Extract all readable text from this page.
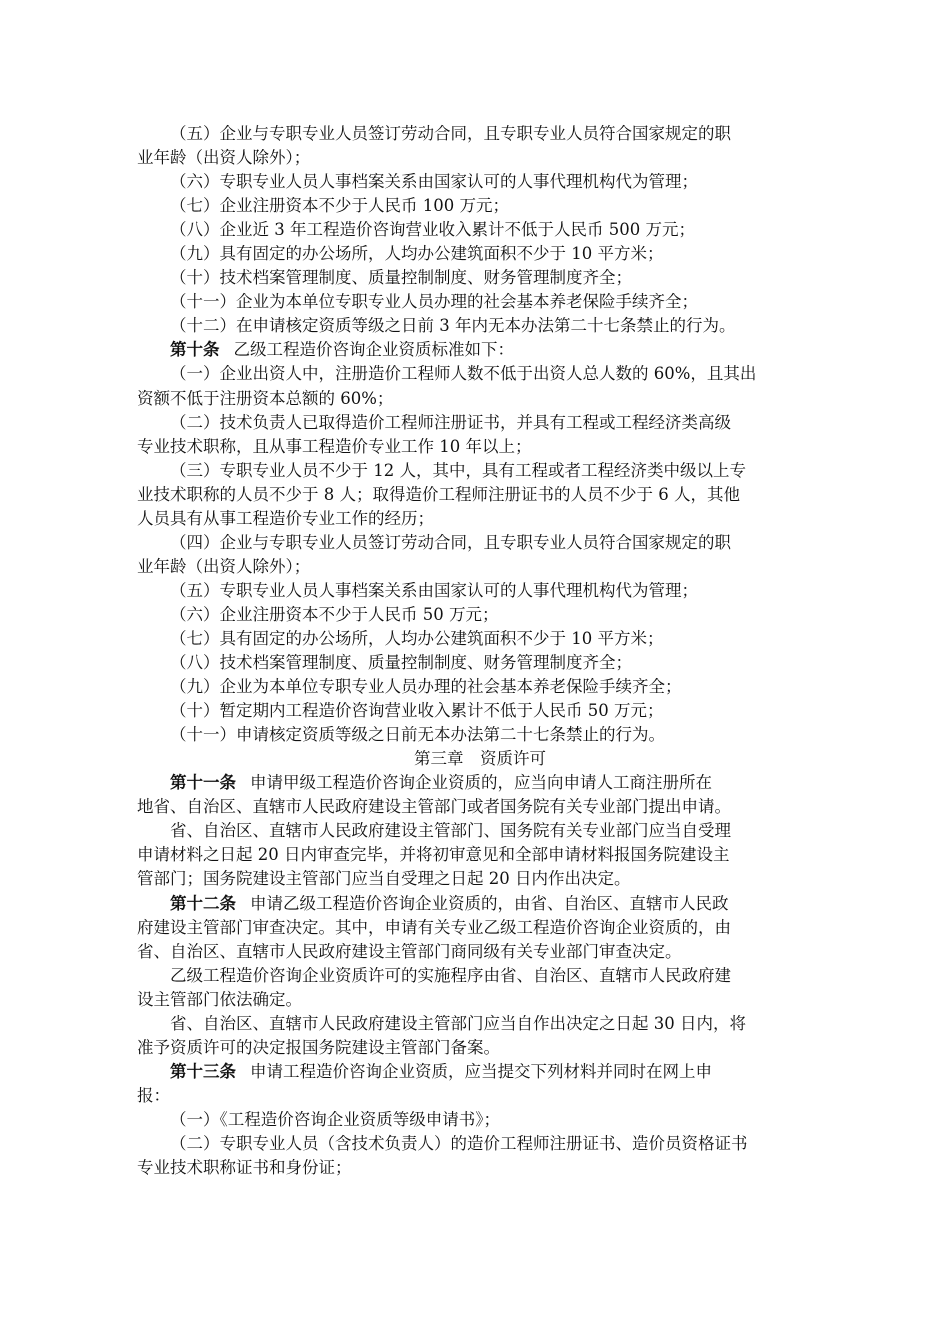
（五）企业与专职专业人员签订劳动合同，且专职专业人员符合国家规定的职
业年龄（出资人除外）；
（六）专职专业人员人事档案关系由国家认可的人事代理机构代为管理；
（七）企业注册资本不少于人民币 100 万元；
（八）企业近 3 年工程造价咨询营业收入累计不低于人民币 500 万元；
（九）具有固定的办公场所，人均办公建筑面积不少于 10 平方米；
（十）技术档案管理制度、质量控制制度、财务管理制度齐全；
（十一）企业为本单位专职专业人员办理的社会基本养老保险手续齐全；
（十二）在申请核定资质等级之日前 3 年内无本办法第二十七条禁止的行为。
第十条 乙级工程造价咨询企业资质标准如下：
（一）企业出资人中，注册造价工程师人数不低于出资人总人数的 60%，且其出
资额不低于注册资本总额的 60%；
（二）技术负责人已取得造价工程师注册证书，并具有工程或工程经济类高级
专业技术职称，且从事工程造价专业工作 10 年以上；
（三）专职专业人员不少于 12 人，其中，具有工程或者工程经济类中级以上专
业技术职称的人员不少于 8 人；取得造价工程师注册证书的人员不少于 6 人，其他
人员具有从事工程造价专业工作的经历；
（四）企业与专职专业人员签订劳动合同，且专职专业人员符合国家规定的职
业年龄（出资人除外）；
（五）专职专业人员人事档案关系由国家认可的人事代理机构代为管理；
（六）企业注册资本不少于人民币 50 万元；
（七）具有固定的办公场所，人均办公建筑面积不少于 10 平方米；
（八）技术档案管理制度、质量控制制度、财务管理制度齐全；
（九）企业为本单位专职专业人员办理的社会基本养老保险手续齐全；
（十）暂定期内工程造价咨询营业收入累计不低于人民币 50 万元；
（十一）申请核定资质等级之日前无本办法第二十七条禁止的行为。
第三章　资质许可
第十一条 申请甲级工程造价咨询企业资质的，应当向申请人工商注册所在
地省、自治区、直辖市人民政府建设主管部门或者国务院有关专业部门提出申请。
省、自治区、直辖市人民政府建设主管部门、国务院有关专业部门应当自受理
申请材料之日起 20 日内审查完毕，并将初审意见和全部申请材料报国务院建设主
管部门；国务院建设主管部门应当自受理之日起 20 日内作出决定。
第十二条 申请乙级工程造价咨询企业资质的，由省、自治区、直辖市人民政
府建设主管部门审查决定。其中，申请有关专业乙级工程造价咨询企业资质的，由
省、自治区、直辖市人民政府建设主管部门商同级有关专业部门审查决定。
乙级工程造价咨询企业资质许可的实施程序由省、自治区、直辖市人民政府建
设主管部门依法确定。
省、自治区、直辖市人民政府建设主管部门应当自作出决定之日起 30 日内，将
准予资质许可的决定报国务院建设主管部门备案。
第十三条 申请工程造价咨询企业资质，应当提交下列材料并同时在网上申
报：
（一）《工程造价咨询企业资质等级申请书》；
（二）专职专业人员（含技术负责人）的造价工程师注册证书、造价员资格证书
专业技术职称证书和身份证；
